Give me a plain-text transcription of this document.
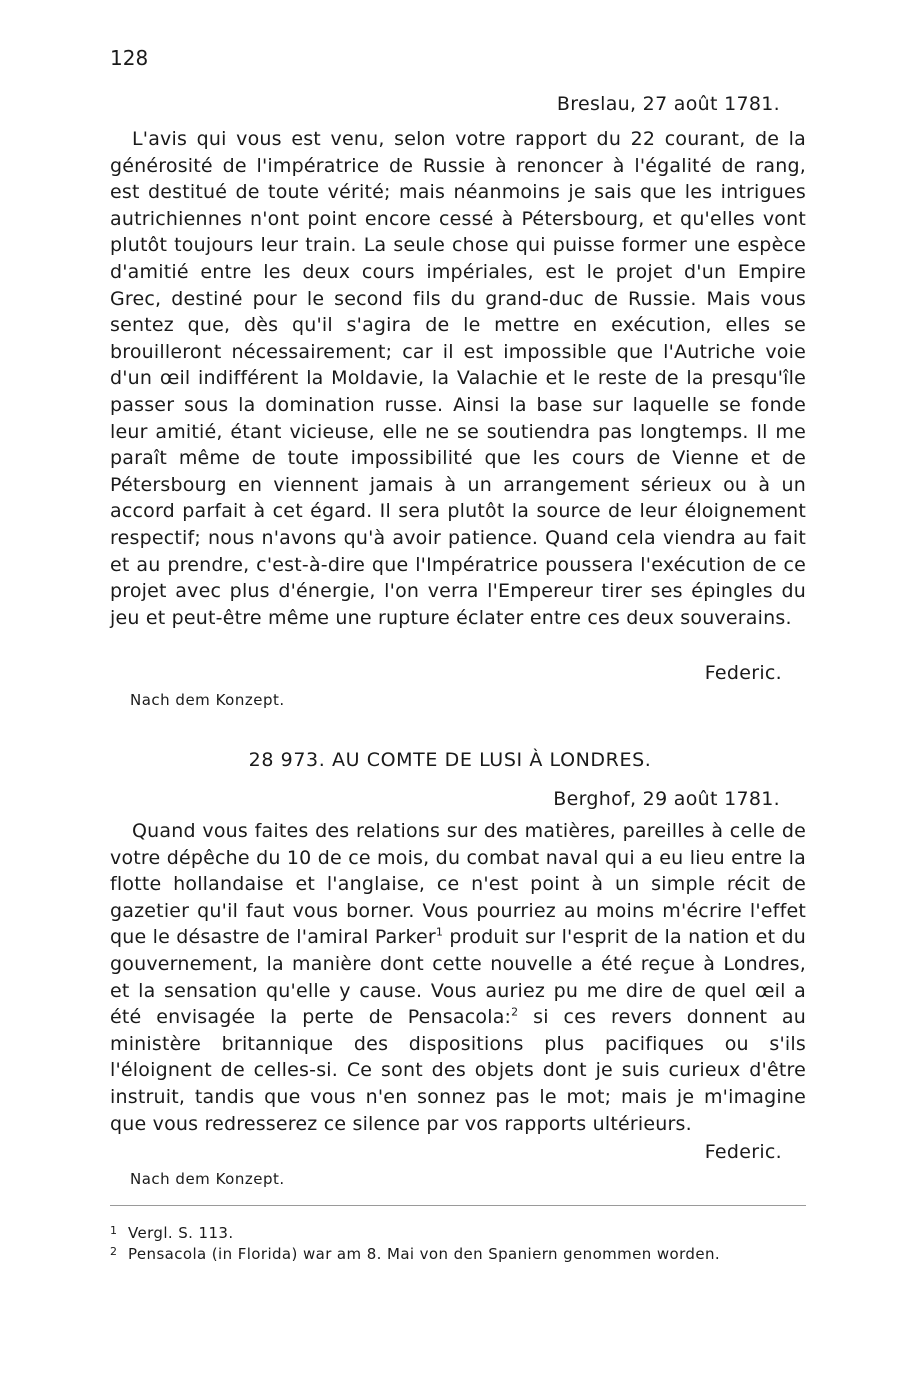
128
Breslau, 27 août 1781.
L'avis qui vous est venu, selon votre rapport du 22 courant, de la générosité de l'impératrice de Russie à renoncer à l'égalité de rang, est destitué de toute vérité; mais néanmoins je sais que les intrigues autrichiennes n'ont point encore cessé à Pétersbourg, et qu'elles vont plutôt toujours leur train. La seule chose qui puisse former une espèce d'amitié entre les deux cours impériales, est le projet d'un Empire Grec, destiné pour le second fils du grand-duc de Russie. Mais vous sentez que, dès qu'il s'agira de le mettre en exécution, elles se brouilleront nécessairement; car il est impossible que l'Autriche voie d'un œil indifférent la Moldavie, la Valachie et le reste de la presqu'île passer sous la domination russe. Ainsi la base sur laquelle se fonde leur amitié, étant vicieuse, elle ne se soutiendra pas longtemps. Il me paraît même de toute impossibilité que les cours de Vienne et de Pétersbourg en viennent jamais à un arrangement sérieux ou à un accord parfait à cet égard. Il sera plutôt la source de leur éloignement respectif; nous n'avons qu'à avoir patience. Quand cela viendra au fait et au prendre, c'est-à-dire que l'Impératrice poussera l'exécution de ce projet avec plus d'énergie, l'on verra l'Empereur tirer ses épingles du jeu et peut-être même une rupture éclater entre ces deux souverains.
Federic.
Nach dem Konzept.
28 973. AU COMTE DE LUSI À LONDRES.
Berghof, 29 août 1781.
Quand vous faites des relations sur des matières, pareilles à celle de votre dépêche du 10 de ce mois, du combat naval qui a eu lieu entre la flotte hollandaise et l'anglaise, ce n'est point à un simple récit de gazetier qu'il faut vous borner. Vous pourriez au moins m'écrire l'effet que le désastre de l'amiral Parker$^1$ produit sur l'esprit de la nation et du gouvernement, la manière dont cette nouvelle a été reçue à Londres, et la sensation qu'elle y cause. Vous auriez pu me dire de quel œil a été envisagée la perte de Pensacola:$^2$ si ces revers donnent au ministère britannique des dispositions plus pacifiques ou s'ils l'éloignent de celles-si. Ce sont des objets dont je suis curieux d'être instruit, tandis que vous n'en sonnez pas le mot; mais je m'imagine que vous redresserez ce silence par vos rapports ultérieurs.
Federic.
Nach dem Konzept.
1 Vergl. S. 113.
2 Pensacola (in Florida) war am 8. Mai von den Spaniern genommen worden.
